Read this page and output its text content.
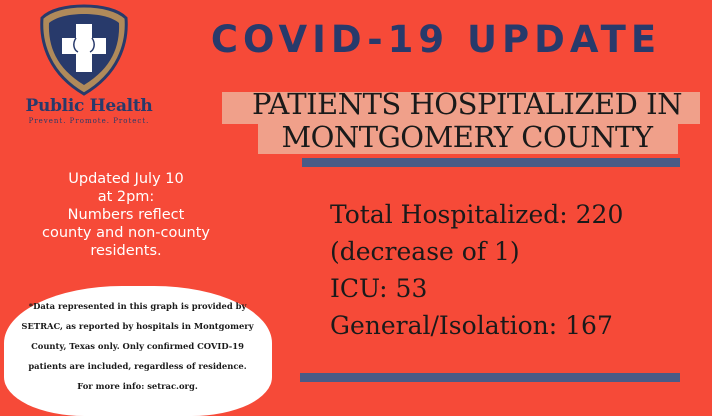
Public Health
Prevent. Promote. Protect.
COVID-19 UPDATE
PATIENTS HOSPITALIZED IN
MONTGOMERY COUNTY
Updated July 10
at 2pm:
Numbers reflect
county and non-county
residents.
Total Hospitalized: 220
(decrease of 1)
ICU: 53
General/Isolation: 167
*Data represented in this graph is provided by
SETRAC, as reported by hospitals in Montgomery
County, Texas only. Only confirmed COVID-19
patients are included, regardless of residence.
For more info: setrac.org.
